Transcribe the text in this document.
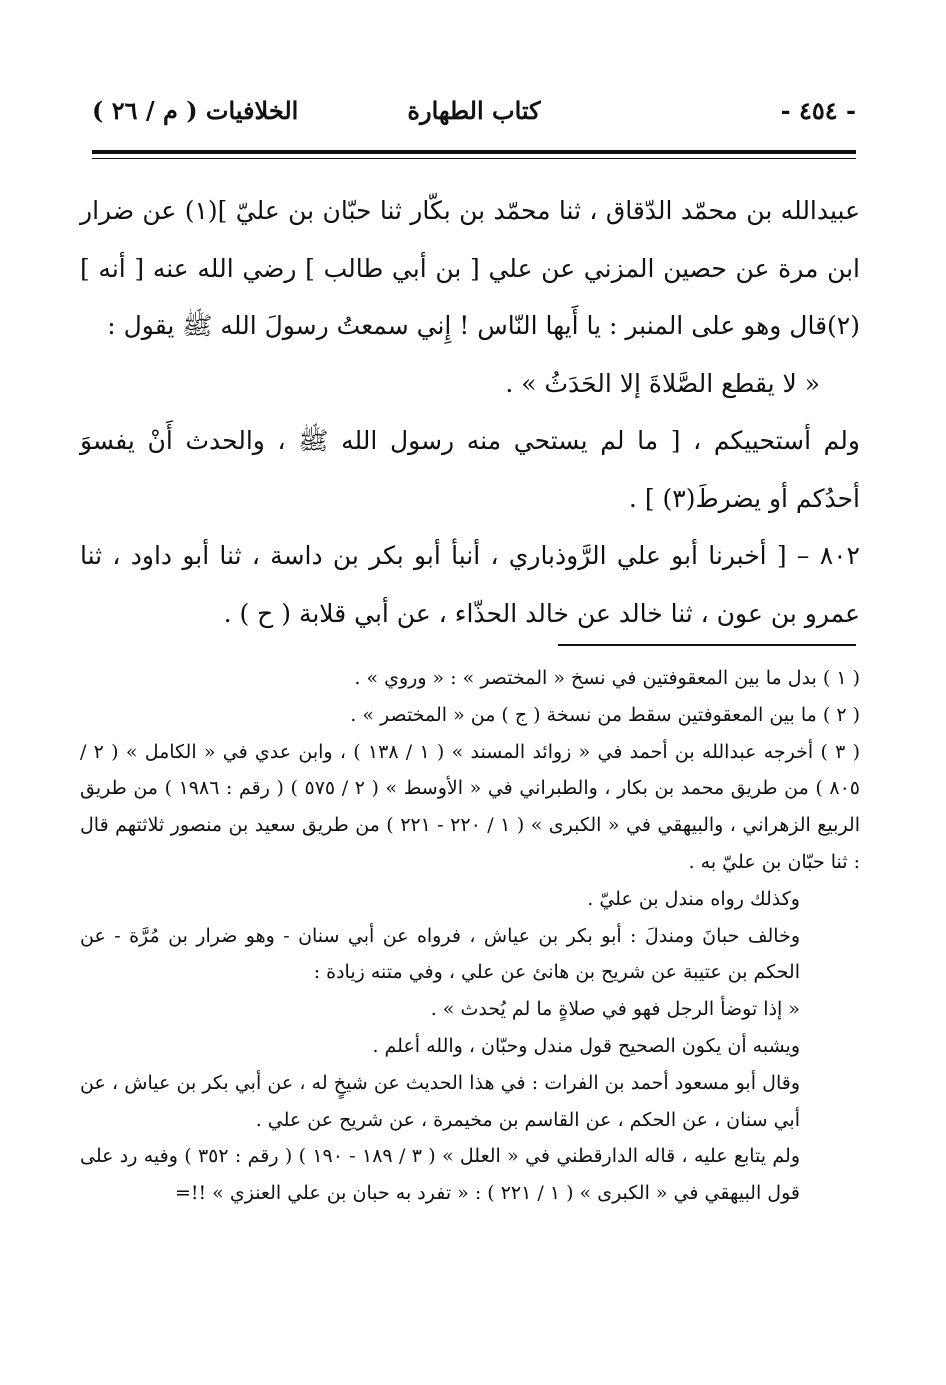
- ٤٥٤ -
كتاب الطهارة
الخلافيات ( م / ٢٦ )

عبيدالله بن محمّد الدّقاق ، ثنا محمّد بن بكّار ثنا حبّان بن عليّ ](١) عن ضرار ابن مرة عن حصين المزني عن علي [ بن أبي طالب ] رضي الله عنه [ أنه ](٢)قال وهو على المنبر : يا أَيها النّاس ! إِني سمعتُ رسولَ الله ﷺ يقول :

« لا يقطع الصَّلاةَ إلا الحَدَثُ » .

ولم أستحييكم ، [ ما لم يستحي منه رسول الله ﷺ ، والحدث أَنْ يفسوَ أحدُكم أو يضرطَ(٣) ] .

٨٠٢ – [ أخبرنا أبو علي الرَّوذباري ، أنبأ أبو بكر بن داسة ، ثنا أبو داود ، ثنا عمرو بن عون ، ثنا خالد عن خالد الحذّاء ، عن أبي قلابة ( ح ) .

( ١ ) بدل ما بين المعقوفتين في نسخ « المختصر » : « وروي » .

( ٢ ) ما بين المعقوفتين سقط من نسخة ( ج ) من « المختصر » .

( ٣ ) أخرجه عبدالله بن أحمد في « زوائد المسند » ( ١ / ١٣٨ ) ، وابن عدي في « الكامل » ( ٢ / ٨٠٥ ) من طريق محمد بن بكار ، والطبراني في « الأوسط » ( ٢ / ٥٧٥ ) ( رقم : ١٩٨٦ ) من طريق الربيع الزهراني ، والبيهقي في « الكبرى » ( ١ / ٢٢٠ - ٢٢١ ) من طريق سعيد بن منصور ثلاثتهم قال : ثنا حبّان بن عليّ به .

وكذلك رواه مندل بن عليّ .

وخالف حبانَ ومندلَ : أبو بكر بن عياش ، فرواه عن أبي سنان - وهو ضرار بن مُرَّة - عن الحكم بن عتيبة عن شريح بن هانئ عن علي ، وفي متنه زيادة :

« إذا توضأ الرجل فهو في صلاةٍ ما لم يُحدث » .

ويشبه أن يكون الصحيح قول مندل وحبّان ، والله أعلم .

وقال أبو مسعود أحمد بن الفرات : في هذا الحديث عن شيخٍ له ، عن أبي بكر بن عياش ، عن أبي سنان ، عن الحكم ، عن القاسم بن مخيمرة ، عن شريح عن علي .

ولم يتابع عليه ، قاله الدارقطني في « العلل » ( ٣ / ١٨٩ - ١٩٠ ) ( رقم : ٣٥٢ ) وفيه رد على قول البيهقي في « الكبرى » ( ١ / ٢٢١ ) : « تفرد به حبان بن علي العنزي » !!=
